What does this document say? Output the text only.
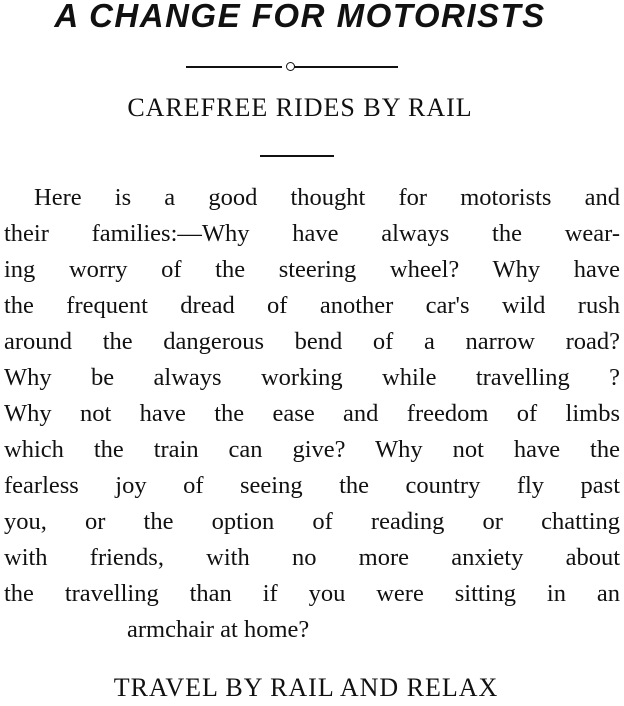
A CHANGE FOR MOTORISTS
CAREFREE RIDES BY RAIL
Here is a good thought for motorists and
their families:—Why have always the wear-
ing worry of the steering wheel? Why have
the frequent dread of another car's wild rush
around the dangerous bend of a narrow road?
Why be always working while travelling ?
Why not have the ease and freedom of limbs
which the train can give? Why not have the
fearless joy of seeing the country fly past
you, or the option of reading or chatting
with friends, with no more anxiety about
the travelling than if you were sitting in an
armchair at home?
TRAVEL BY RAIL AND RELAX
